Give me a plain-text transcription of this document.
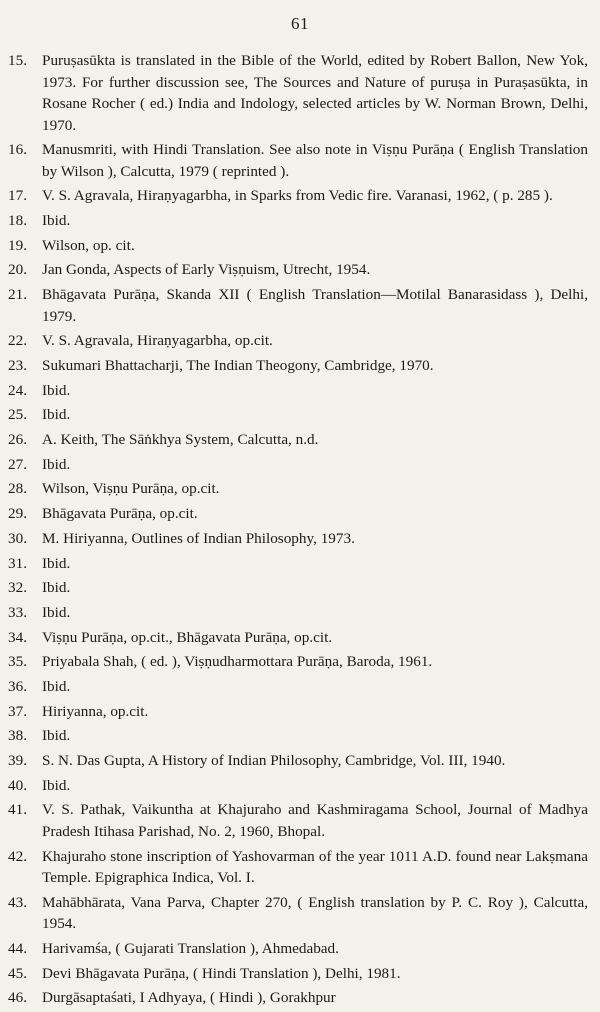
61
15. Puruṣasūkta is translated in the Bible of the World, edited by Robert Ballon, New Yok, 1973. For further discussion see, The Sources and Nature of puruṣa in Puraṣasūkta, in Rosane Rocher ( ed.) India and Indology, selected articles by W. Norman Brown, Delhi, 1970.
16. Manusmriti, with Hindi Translation. See also note in Viṣṇu Purāṇa ( English Translation by Wilson ), Calcutta, 1979 ( reprinted ).
17. V. S. Agravala, Hiraṇyagarbha, in Sparks from Vedic fire. Varanasi, 1962, ( p. 285 ).
18. Ibid.
19. Wilson, op. cit.
20. Jan Gonda, Aspects of Early Viṣṇuism, Utrecht, 1954.
21. Bhāgavata Purāṇa, Skanda XII ( English Translation—Motilal Banarasidass ), Delhi, 1979.
22. V. S. Agravala, Hiraṇyagarbha, op.cit.
23. Sukumari Bhattacharji, The Indian Theogony, Cambridge, 1970.
24. Ibid.
25. Ibid.
26. A. Keith, The Sāṅkhya System, Calcutta, n.d.
27. Ibid.
28. Wilson, Viṣṇu Purāṇa, op.cit.
29. Bhāgavata Purāṇa, op.cit.
30. M. Hiriyanna, Outlines of Indian Philosophy, 1973.
31. Ibid.
32. Ibid.
33. Ibid.
34. Viṣṇu Purāṇa, op.cit., Bhāgavata Purāṇa, op.cit.
35. Priyabala Shah, ( ed. ), Viṣṇudharmottara Purāṇa, Baroda, 1961.
36. Ibid.
37. Hiriyanna, op.cit.
38. Ibid.
39. S. N. Das Gupta, A History of Indian Philosophy, Cambridge, Vol. III, 1940.
40. Ibid.
41. V. S. Pathak, Vaikuntha at Khajuraho and Kashmiragama School, Journal of Madhya Pradesh Itihasa Parishad, No. 2, 1960, Bhopal.
42. Khajuraho stone inscription of Yashovarman of the year 1011 A.D. found near Lakṣmana Temple. Epigraphica Indica, Vol. I.
43. Mahābhārata, Vana Parva, Chapter 270, ( English translation by P. C. Roy ), Calcutta, 1954.
44. Harivamśa, ( Gujarati Translation ), Ahmedabad.
45. Devi Bhāgavata Purāṇa, ( Hindi Translation ), Delhi, 1981.
46. Durgāsaptaśati, I Adhyaya, ( Hindi ), Gorakhpur
